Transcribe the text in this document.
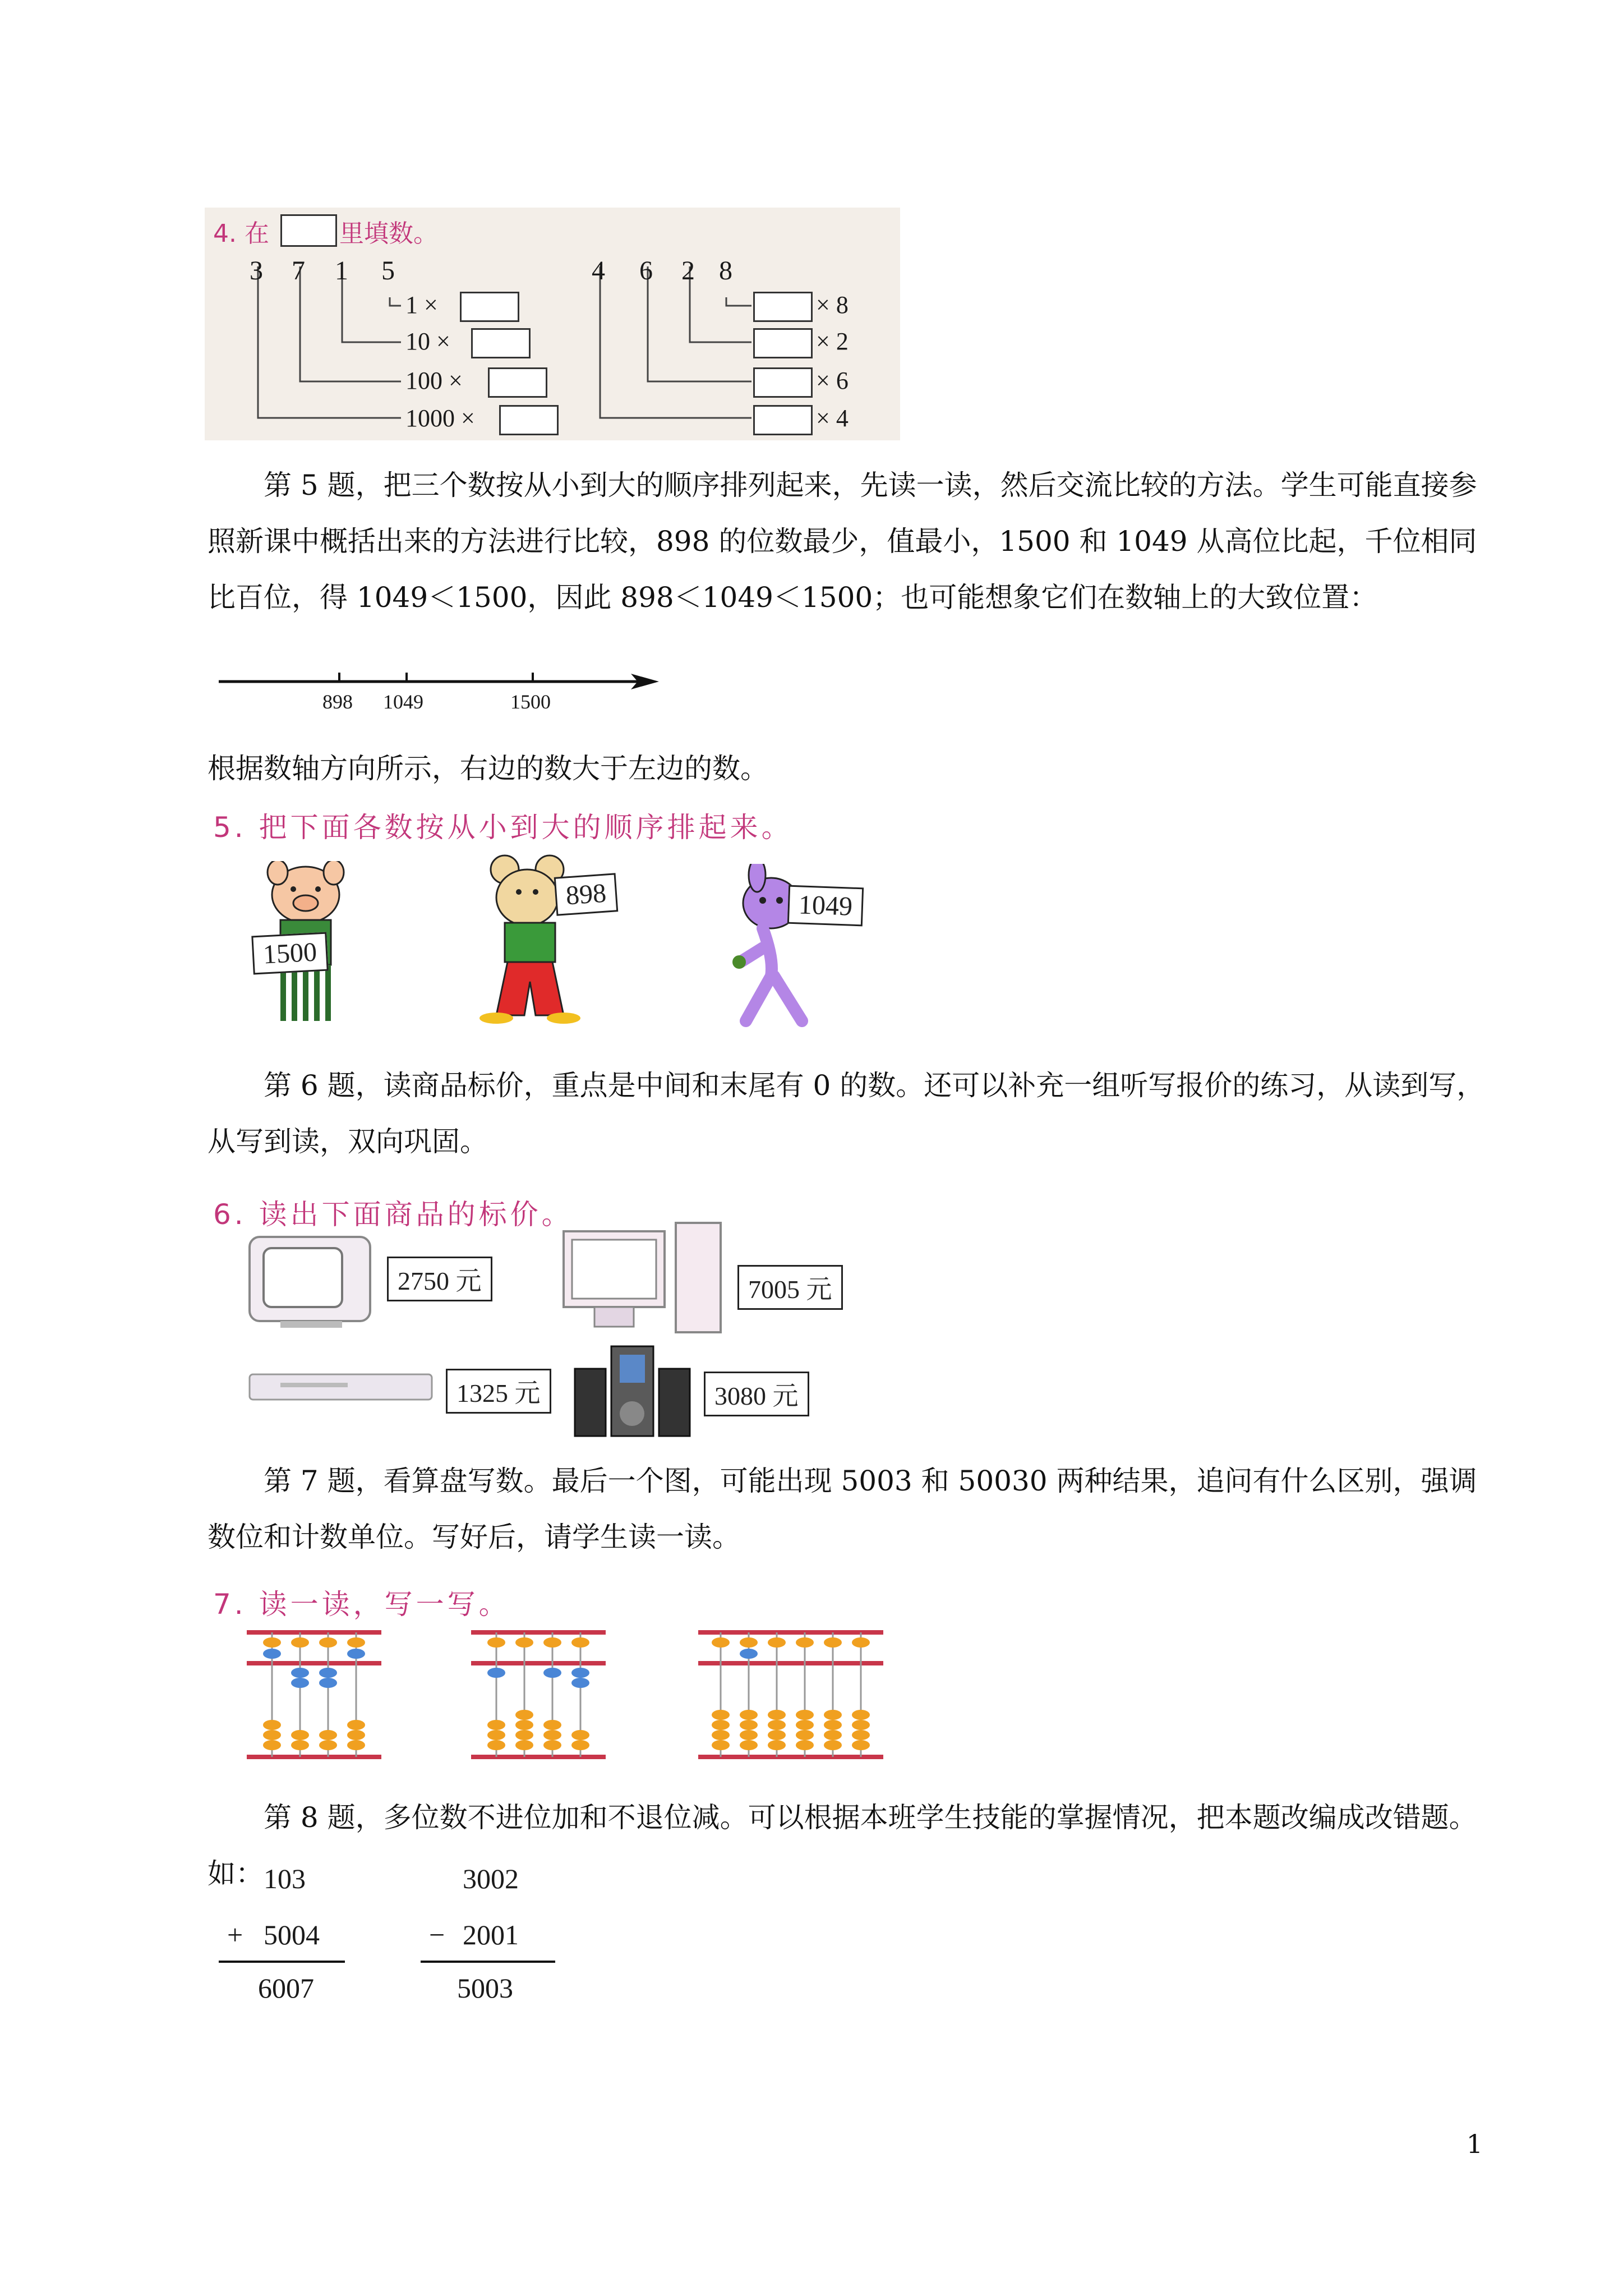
4. 在	里填数。
3 7 1 5
1 ×
10 ×
100 ×
1000 ×
4 6 2 8
× 8
× 2
× 6
× 4
第 5 题，把三个数按从小到大的顺序排列起来，先读一读，然后交流比较的方法。学生可能直接参照新课中概括出来的方法进行比较，898 的位数最少，值最小，1500 和 1049 从高位比起，千位相同比百位，得 1049＜1500，因此 898＜1049＜1500；也可能想象它们在数轴上的大致位置：
898 1049	1500
根据数轴方向所示，右边的数大于左边的数。
5. 把下面各数按从小到大的顺序排起来。
1500
898	1049
第 6 题，读商品标价，重点是中间和末尾有 0 的数。还可以补充一组听写报价的练习，从读到写，从写到读，双向巩固。
6. 读出下面商品的标价。
2750 元	7005 元
1325 元	3080 元
第 7 题，看算盘写数。最后一个图，可能出现 5003 和 50030 两种结果，追问有什么区别，强调数位和计数单位。写好后，请学生读一读。
7. 读一读，写一写。
第 8 题，多位数不进位加和不退位减。可以根据本班学生技能的掌握情况，把本题改编成改错题。如： 103
+ 5004
6007
3002
− 2001
5003
1
